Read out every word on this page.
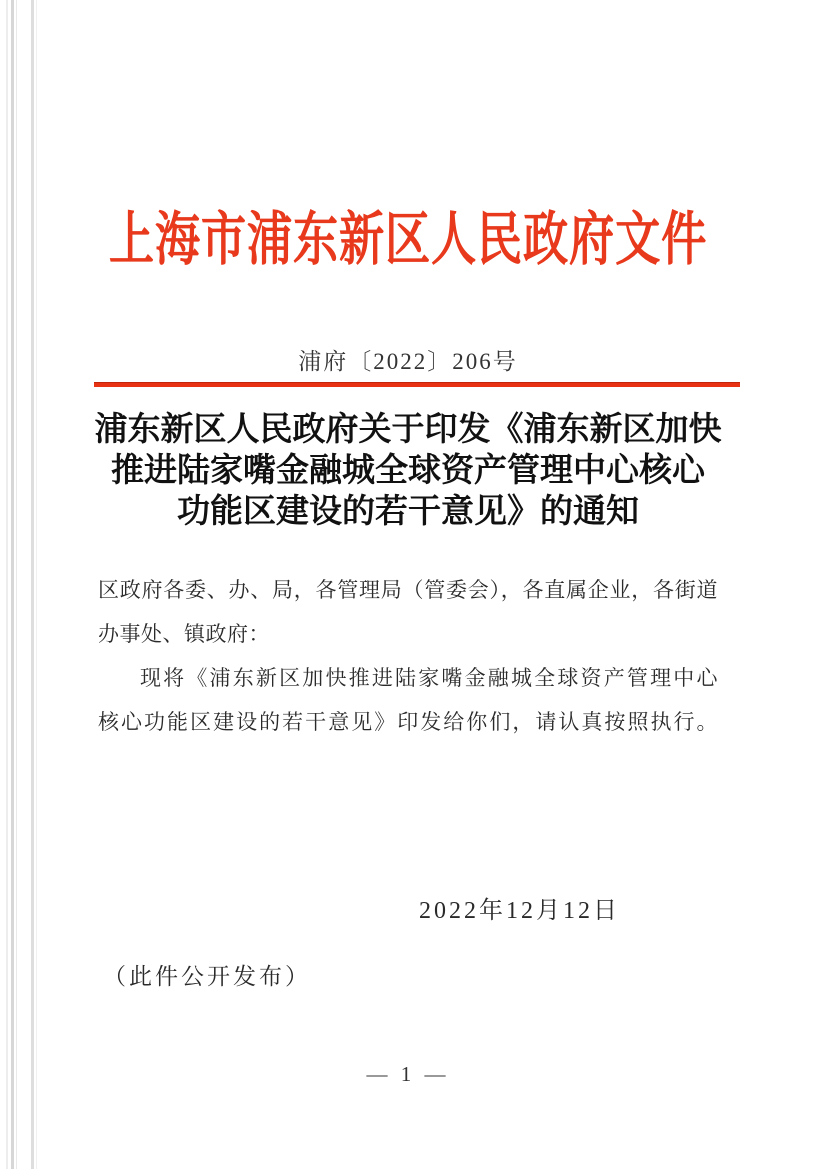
上海市浦东新区人民政府文件
浦府〔2022〕206号
浦东新区人民政府关于印发《浦东新区加快
推进陆家嘴金融城全球资产管理中心核心
功能区建设的若干意见》的通知
区政府各委、办、局，各管理局（管委会），各直属企业，各街道
办事处、镇政府：
现将《浦东新区加快推进陆家嘴金融城全球资产管理中心
核心功能区建设的若干意见》印发给你们，请认真按照执行。
2022年12月12日
（此件公开发布）
— 1 —
